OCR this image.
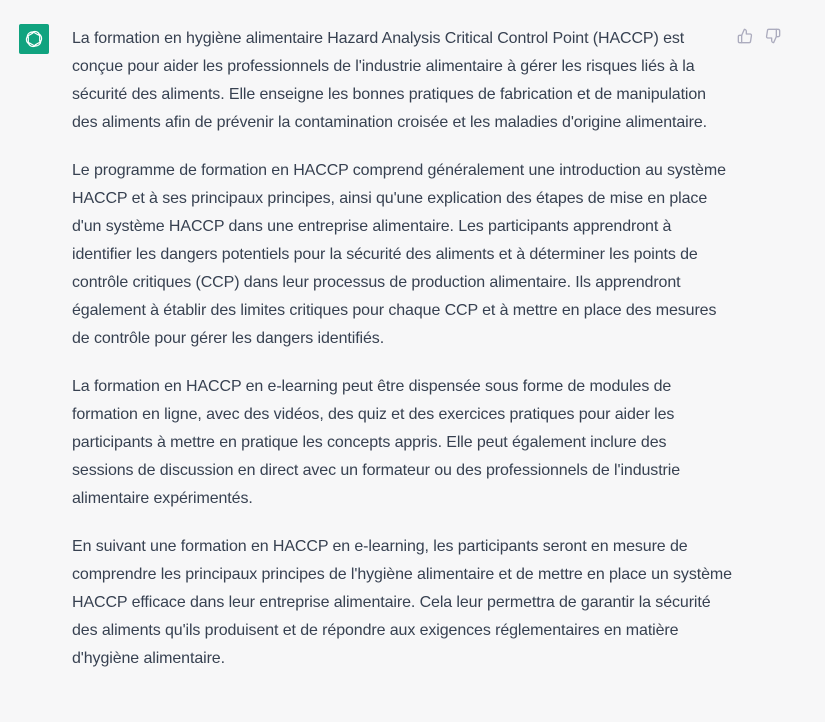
La formation en hygiène alimentaire Hazard Analysis Critical Control Point (HACCP) est conçue pour aider les professionnels de l'industrie alimentaire à gérer les risques liés à la sécurité des aliments. Elle enseigne les bonnes pratiques de fabrication et de manipulation des aliments afin de prévenir la contamination croisée et les maladies d'origine alimentaire.

Le programme de formation en HACCP comprend généralement une introduction au système HACCP et à ses principaux principes, ainsi qu'une explication des étapes de mise en place d'un système HACCP dans une entreprise alimentaire. Les participants apprendront à identifier les dangers potentiels pour la sécurité des aliments et à déterminer les points de contrôle critiques (CCP) dans leur processus de production alimentaire. Ils apprendront également à établir des limites critiques pour chaque CCP et à mettre en place des mesures de contrôle pour gérer les dangers identifiés.

La formation en HACCP en e-learning peut être dispensée sous forme de modules de formation en ligne, avec des vidéos, des quiz et des exercices pratiques pour aider les participants à mettre en pratique les concepts appris. Elle peut également inclure des sessions de discussion en direct avec un formateur ou des professionnels de l'industrie alimentaire expérimentés.

En suivant une formation en HACCP en e-learning, les participants seront en mesure de comprendre les principaux principes de l'hygiène alimentaire et de mettre en place un système HACCP efficace dans leur entreprise alimentaire. Cela leur permettra de garantir la sécurité des aliments qu'ils produisent et de répondre aux exigences réglementaires en matière d'hygiène alimentaire.
